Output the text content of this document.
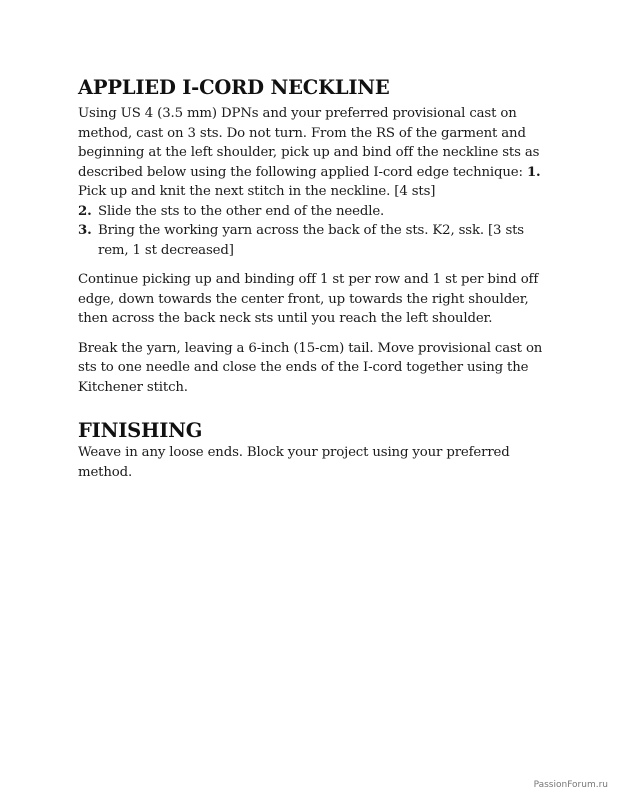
APPLIED I-CORD NECKLINE

Using US 4 (3.5 mm) DPNs and your preferred provisional cast on method, cast on 3 sts. Do not turn. From the RS of the garment and beginning at the left shoulder, pick up and bind off the neckline sts as described below using the following applied I-cord edge technique: 1. Pick up and knit the next stitch in the neckline. [4 sts]

2. Slide the sts to the other end of the needle.
3. Bring the working yarn across the back of the sts. K2, ssk. [3 sts rem, 1 st decreased]

Continue picking up and binding off 1 st per row and 1 st per bind off edge, down towards the center front, up towards the right shoulder, then across the back neck sts until you reach the left shoulder.

Break the yarn, leaving a 6-inch (15-cm) tail. Move provisional cast on sts to one needle and close the ends of the I-cord together using the Kitchener stitch.

FINISHING

Weave in any loose ends. Block your project using your preferred method.

PassionForum.ru
